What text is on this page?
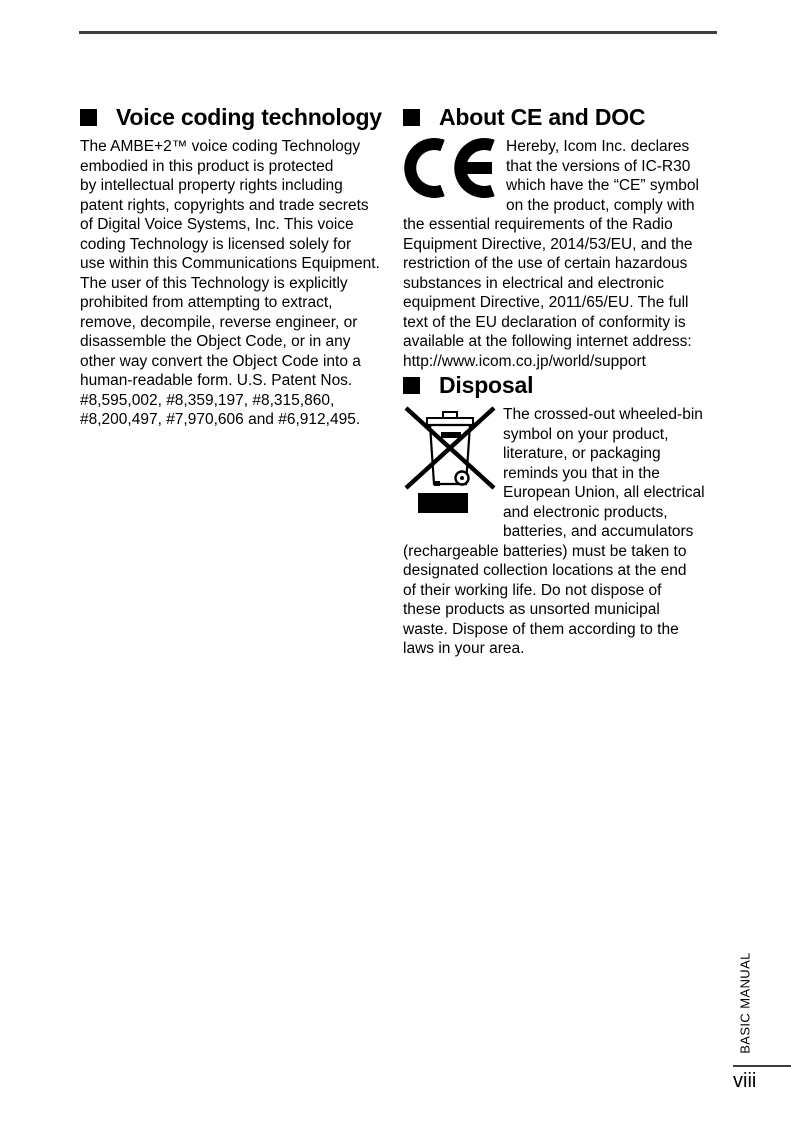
Voice coding technology

The AMBE+2™ voice coding Technology
embodied in this product is protected
by intellectual property rights including
patent rights, copyrights and trade secrets
of Digital Voice Systems, Inc. This voice
coding Technology is licensed solely for
use within this Communications Equipment.
The user of this Technology is explicitly
prohibited from attempting to extract,
remove, decompile, reverse engineer, or
disassemble the Object Code, or in any
other way convert the Object Code into a
human-readable form. U.S. Patent Nos.
#8,595,002, #8,359,197, #8,315,860,
#8,200,497, #7,970,606 and #6,912,495.

About CE and DOC

Hereby, Icom Inc. declares
that the versions of IC-R30
which have the “CE” symbol
on the product, comply with
the essential requirements of the Radio
Equipment Directive, 2014/53/EU, and the
restriction of the use of certain hazardous
substances in electrical and electronic
equipment Directive, 2011/65/EU. The full
text of the EU declaration of conformity is
available at the following internet address:
http://www.icom.co.jp/world/support

Disposal

The crossed-out wheeled-bin
symbol on your product,
literature, or packaging
reminds you that in the
European Union, all electrical
and electronic products,
batteries, and accumulators
(rechargeable batteries) must be taken to
designated collection locations at the end
of their working life. Do not dispose of
these products as unsorted municipal
waste. Dispose of them according to the
laws in your area.

BASIC MANUAL
viii
